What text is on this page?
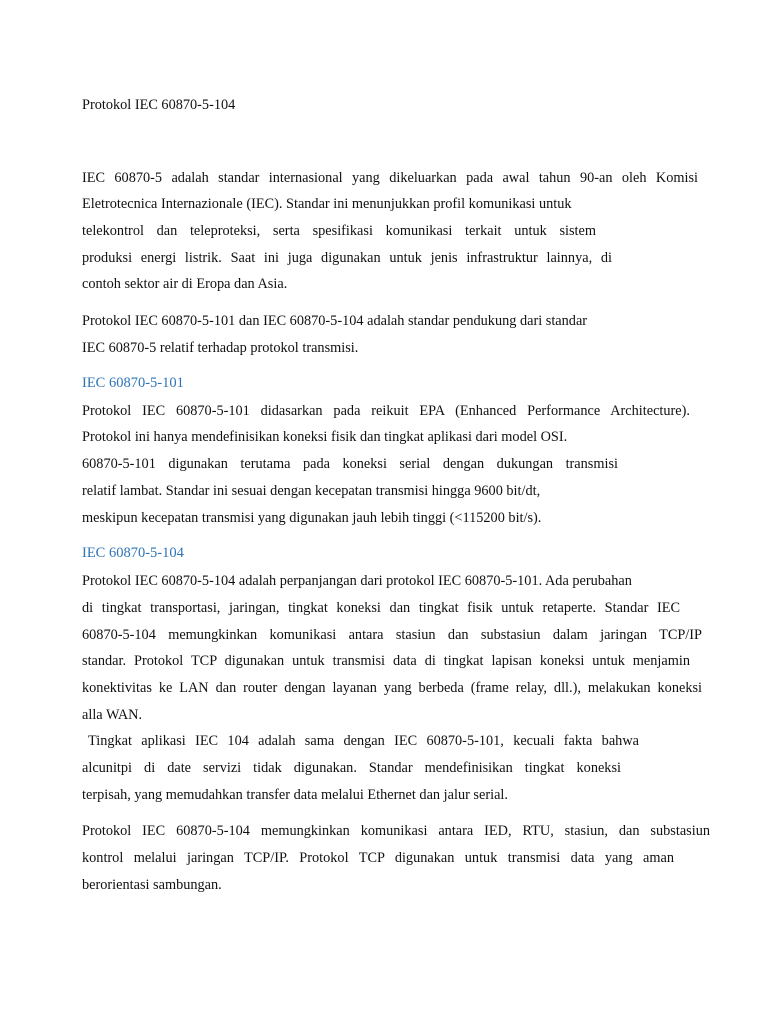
Protokol IEC 60870-5-104
IEC 60870-5 adalah standar internasional yang dikeluarkan pada awal tahun 90-an oleh Komisi
Eletrotecnica Internazionale (IEC). Standar ini menunjukkan profil komunikasi untuk
telekontrol dan teleproteksi, serta spesifikasi komunikasi terkait untuk sistem
produksi energi listrik. Saat ini juga digunakan untuk jenis infrastruktur lainnya, di
contoh sektor air di Eropa dan Asia.
Protokol IEC 60870-5-101 dan IEC 60870-5-104 adalah standar pendukung dari standar
IEC 60870-5 relatif terhadap protokol transmisi.
IEC 60870-5-101
Protokol IEC 60870-5-101 didasarkan pada reikuit EPA (Enhanced Performance Architecture).
Protokol ini hanya mendefinisikan koneksi fisik dan tingkat aplikasi dari model OSI.
60870-5-101 digunakan terutama pada koneksi serial dengan dukungan transmisi
relatif lambat. Standar ini sesuai dengan kecepatan transmisi hingga 9600 bit/dt,
meskipun kecepatan transmisi yang digunakan jauh lebih tinggi (<115200 bit/s).
IEC 60870-5-104
Protokol IEC 60870-5-104 adalah perpanjangan dari protokol IEC 60870-5-101. Ada perubahan
di tingkat transportasi, jaringan, tingkat koneksi dan tingkat fisik untuk retaperte. Standar IEC
60870-5-104 memungkinkan komunikasi antara stasiun dan substasiun dalam jaringan TCP/IP
standar. Protokol TCP digunakan untuk transmisi data di tingkat lapisan koneksi untuk menjamin
konektivitas ke LAN dan router dengan layanan yang berbeda (frame relay, dll.), melakukan koneksi
alla WAN.
Tingkat aplikasi IEC 104 adalah sama dengan IEC 60870-5-101, kecuali fakta bahwa
alcunitpi di date servizi tidak digunakan. Standar mendefinisikan tingkat koneksi
terpisah, yang memudahkan transfer data melalui Ethernet dan jalur serial.
Protokol IEC 60870-5-104 memungkinkan komunikasi antara IED, RTU, stasiun, dan substasiun
kontrol melalui jaringan TCP/IP. Protokol TCP digunakan untuk transmisi data yang aman
berorientasi sambungan.
